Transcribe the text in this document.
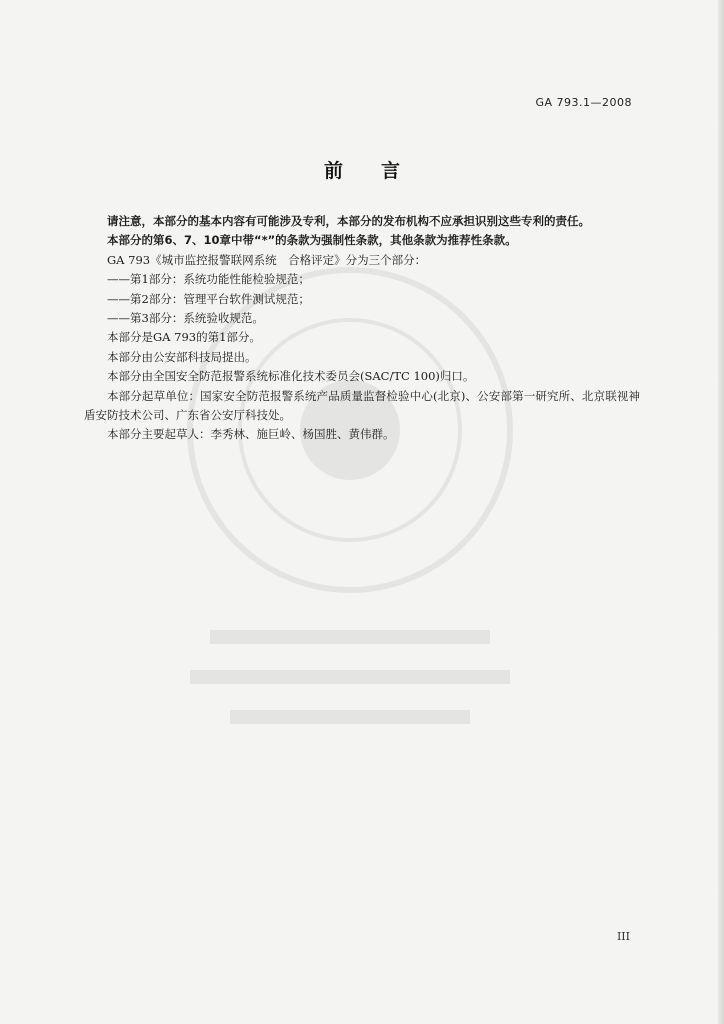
GA 793.1—2008
前言

请注意，本部分的基本内容有可能涉及专利，本部分的发布机构不应承担识别这些专利的责任。

本部分的第6、7、10章中带“*”的条款为强制性条款，其他条款为推荐性条款。

GA 793《城市监控报警联网系统　合格评定》分为三个部分：

——第1部分：系统功能性能检验规范；

——第2部分：管理平台软件测试规范；

——第3部分：系统验收规范。

本部分是GA 793的第1部分。

本部分由公安部科技局提出。

本部分由全国安全防范报警系统标准化技术委员会(SAC/TC 100)归口。

本部分起草单位：国家安全防范报警系统产品质量监督检验中心(北京)、公安部第一研究所、北京联视神盾安防技术公司、广东省公安厅科技处。

本部分主要起草人：李秀林、施巨岭、杨国胜、黄伟群。

III
